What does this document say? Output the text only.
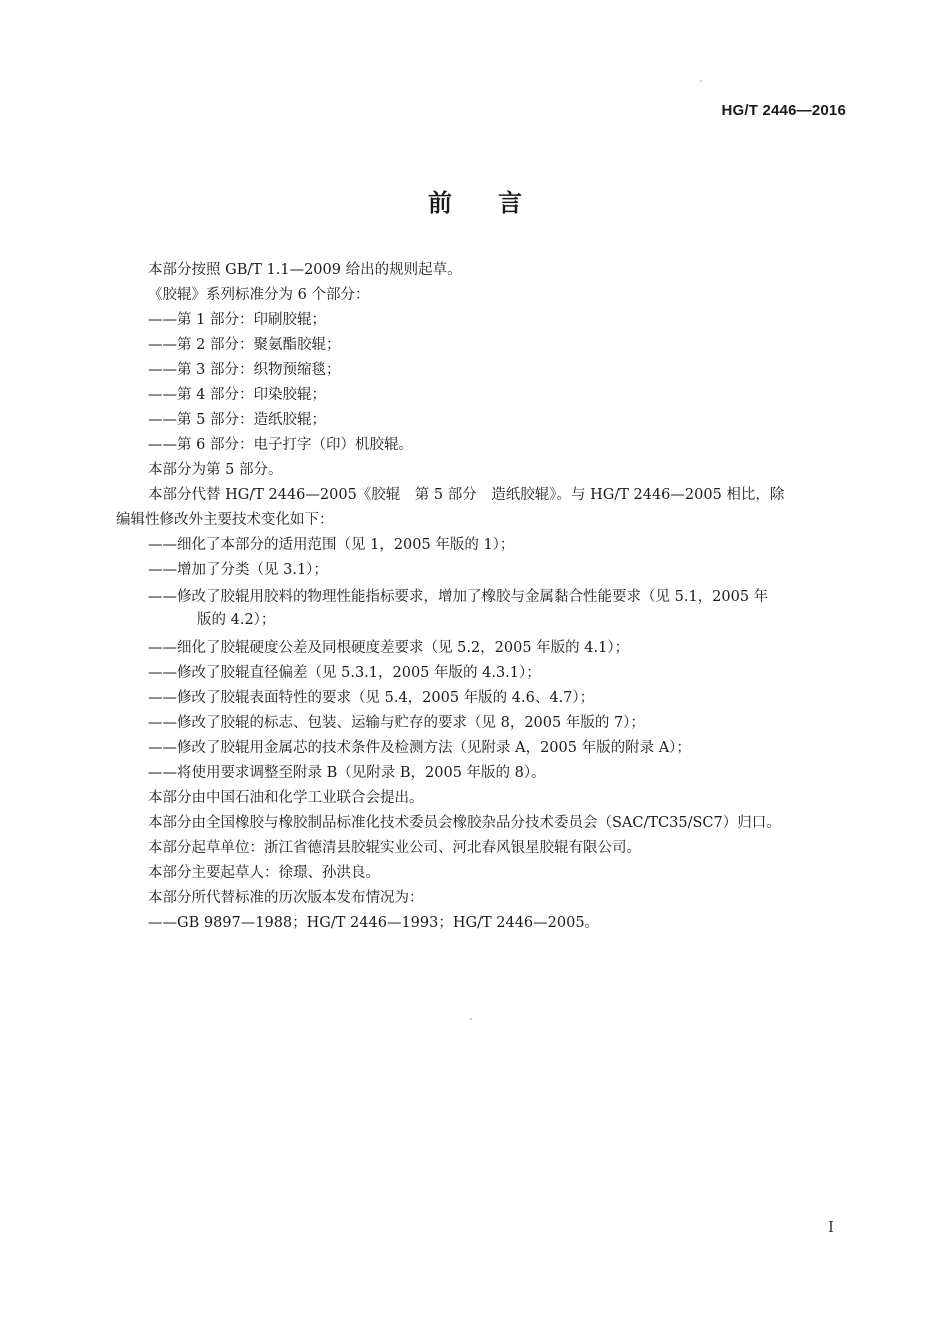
HG/T 2446—2016
前言
本部分按照 GB/T 1.1—2009 给出的规则起草。
《胶辊》系列标准分为 6 个部分：
——第 1 部分：印刷胶辊；
——第 2 部分：聚氨酯胶辊；
——第 3 部分：织物预缩毯；
——第 4 部分：印染胶辊；
——第 5 部分：造纸胶辊；
——第 6 部分：电子打字（印）机胶辊。
本部分为第 5 部分。
本部分代替 HG/T 2446—2005《胶辊　第 5 部分　造纸胶辊》。与 HG/T 2446—2005 相比，除
编辑性修改外主要技术变化如下：
——细化了本部分的适用范围（见 1，2005 年版的 1）；
——增加了分类（见 3.1）；
——修改了胶辊用胶料的物理性能指标要求，增加了橡胶与金属黏合性能要求（见 5.1，2005 年
版的 4.2）；
——细化了胶辊硬度公差及同根硬度差要求（见 5.2，2005 年版的 4.1）；
——修改了胶辊直径偏差（见 5.3.1，2005 年版的 4.3.1）；
——修改了胶辊表面特性的要求（见 5.4，2005 年版的 4.6、4.7）；
——修改了胶辊的标志、包装、运输与贮存的要求（见 8，2005 年版的 7）；
——修改了胶辊用金属芯的技术条件及检测方法（见附录 A，2005 年版的附录 A）；
——将使用要求调整至附录 B（见附录 B，2005 年版的 8）。
本部分由中国石油和化学工业联合会提出。
本部分由全国橡胶与橡胶制品标准化技术委员会橡胶杂品分技术委员会（SAC/TC35/SC7）归口。
本部分起草单位：浙江省德清县胶辊实业公司、河北春风银星胶辊有限公司。
本部分主要起草人：徐璟、孙洪良。
本部分所代替标准的历次版本发布情况为：
——GB 9897—1988；HG/T 2446—1993；HG/T 2446—2005。
I
